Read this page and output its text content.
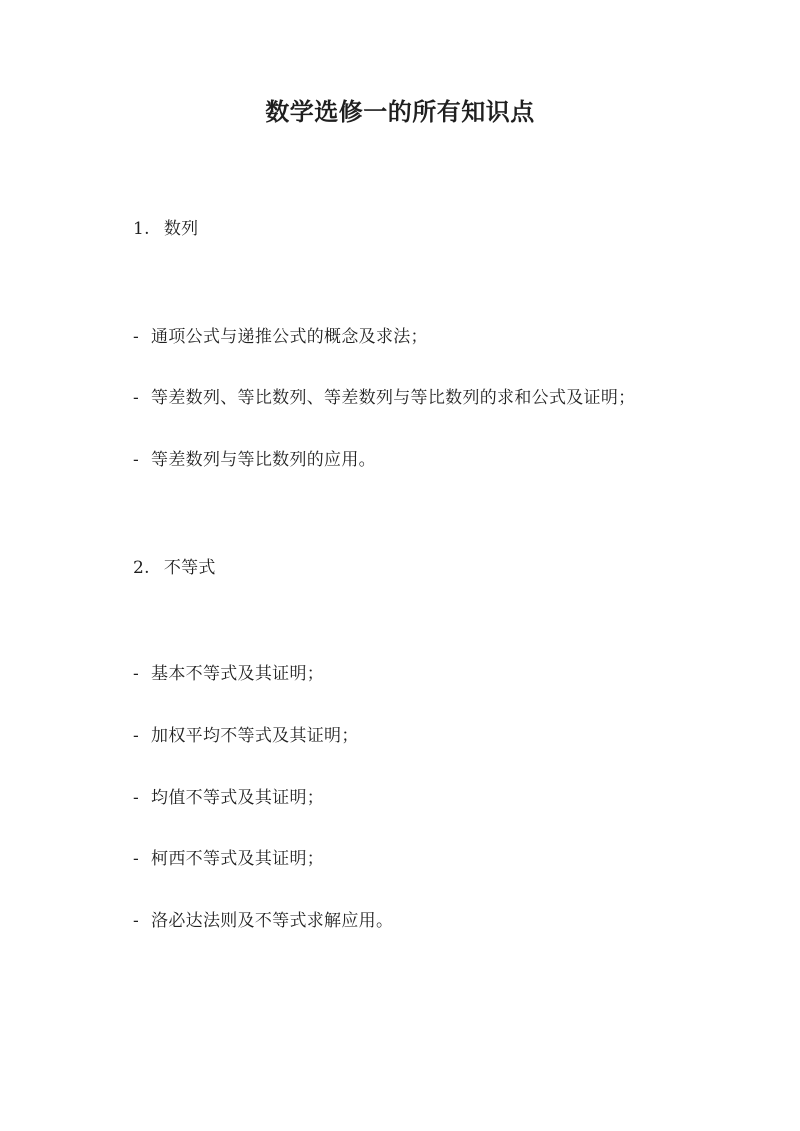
数学选修一的所有知识点
1. 数列
- 通项公式与递推公式的概念及求法；
- 等差数列、等比数列、等差数列与等比数列的求和公式及证明；
- 等差数列与等比数列的应用。
2. 不等式
- 基本不等式及其证明；
- 加权平均不等式及其证明；
- 均值不等式及其证明；
- 柯西不等式及其证明；
- 洛必达法则及不等式求解应用。
